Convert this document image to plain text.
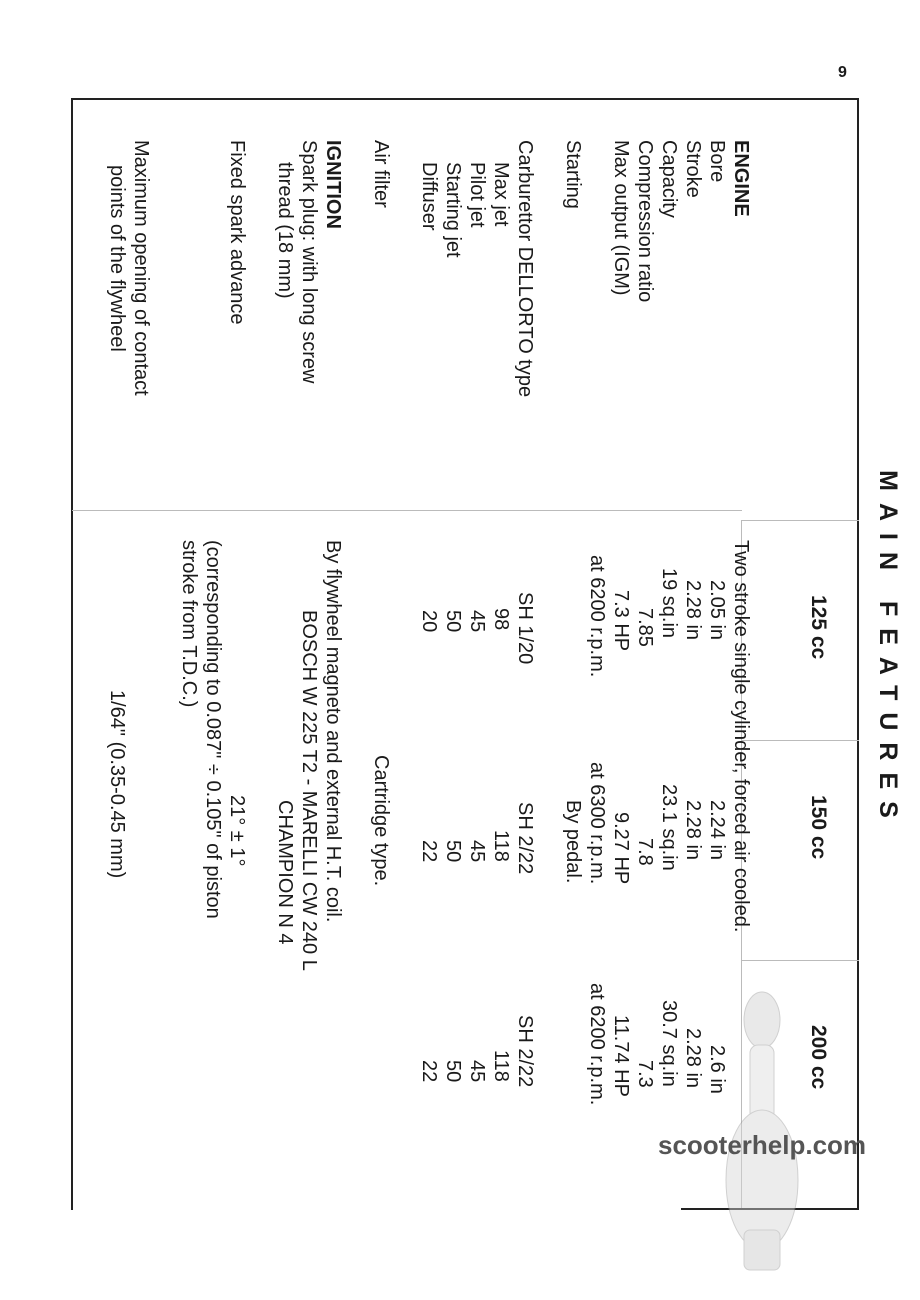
9
MAIN FEATURES
125 cc
150 cc
200 cc
ENGINE
Two stroke single cylinder, forced air cooled.
Bore
2.05 in
2.24 in
2.6 in
Stroke
2.28 in
2.28 in
2.28 in
Capacity
19 sq.in
23.1 sq.in
30.7 sq.in
Compression ratio
7.85
7.8
7.3
Max output (IGM)
7.3 HP
9.27 HP
11.74 HP
at 6200 r.p.m.
at 6300 r.p.m.
at 6200 r.p.m.
Starting
By pedal.
Carburettor DELLORTO type
SH 1/20
SH 2/22
SH 2/22
Max jet
98
118
118
Pilot jet
45
45
45
Starting jet
50
50
50
Diffuser
20
22
22
Air filter
Cartridge type.
IGNITION
By flywheel magneto and external H.T. coil.
Spark plug: with long screw
thread (18 mm)
BOSCH W 225 T2 - MARELLI CW 240 L
CHAMPION N 4
Fixed spark advance
21° ± 1°
(corresponding to 0.087" ÷ 0.105" of piston
stroke from T.D.C.)
Maximum opening of contact
points of the flywheel
1/64" (0.35-0.45 mm)
scooterhelp.com
